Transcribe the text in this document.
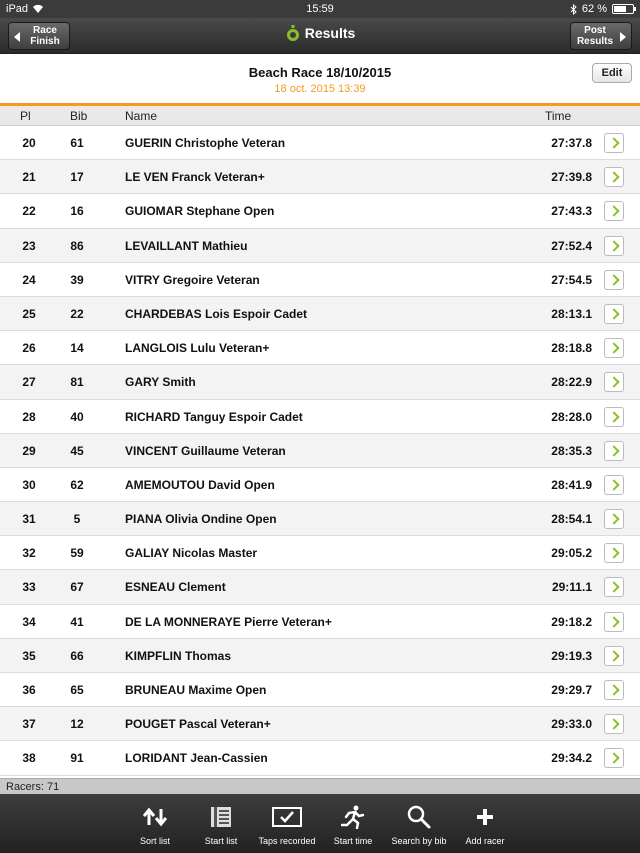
iPad	15:59	62 %
Race
Finish
Results	Post
Results
Beach Race 18/10/2015
18 oct. 2015 13:39
Edit
Pl	Bib	Name	Time
20	61	GUERIN Christophe Veteran	27:37.8
21	17	LE VEN Franck Veteran+	27:39.8
22	16	GUIOMAR Stephane Open	27:43.3
23	86	LEVAILLANT Mathieu	27:52.4
24	39	VITRY Gregoire Veteran	27:54.5
25	22	CHARDEBAS Lois Espoir Cadet	28:13.1
26	14	LANGLOIS Lulu Veteran+	28:18.8
27	81	GARY Smith	28:22.9
28	40	RICHARD Tanguy Espoir Cadet	28:28.0
29	45	VINCENT Guillaume Veteran	28:35.3
30	62	AMEMOUTOU David Open	28:41.9
31	5	PIANA Olivia Ondine Open	28:54.1
32	59	GALIAY Nicolas Master	29:05.2
33	67	ESNEAU Clement	29:11.1
34	41	DE LA MONNERAYE Pierre Veteran+	29:18.2
35	66	KIMPFLIN Thomas	29:19.3
36	65	BRUNEAU Maxime Open	29:29.7
37	12	POUGET Pascal Veteran+	29:33.0
38	91	LORIDANT Jean-Cassien	29:34.2
Racers: 71
Sort list	Start list Taps recorded Start time Search by bib Add racer
